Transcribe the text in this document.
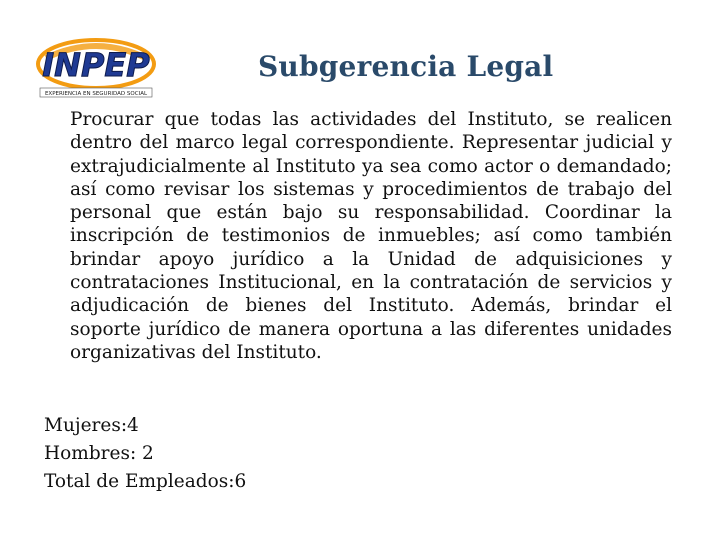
INPEP
EXPERIENCIA EN SEGURIDAD SOCIAL
Subgerencia Legal
Procurar que todas las actividades del Instituto, se realicen dentro del marco legal correspondiente. Representar judicial y extrajudicialmente al Instituto ya sea como actor o demandado; así como revisar los sistemas y procedimientos de trabajo del personal que están bajo su responsabilidad. Coordinar la inscripción de testimonios de inmuebles; así como también brindar apoyo jurídico a la Unidad de adquisiciones y contrataciones Institucional, en la contratación de servicios y adjudicación de bienes del Instituto. Además, brindar el soporte jurídico de manera oportuna a las diferentes unidades organizativas del Instituto.
Mujeres:4
Hombres: 2
Total de Empleados:6
